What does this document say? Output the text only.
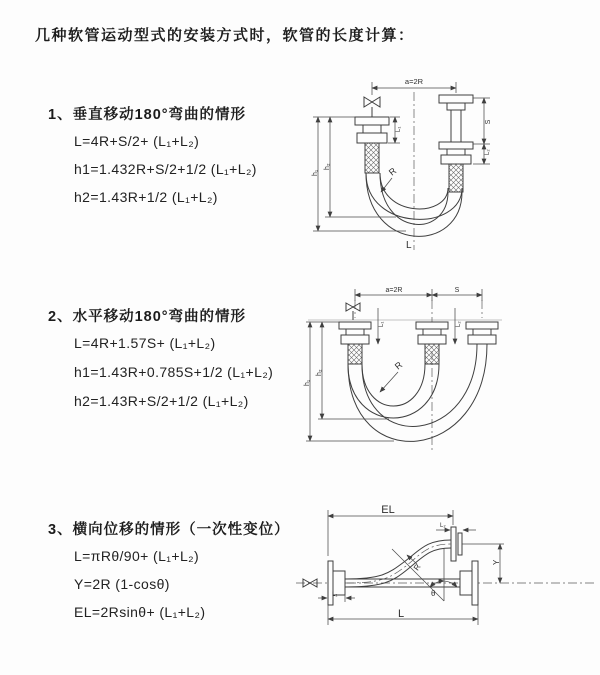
几种软管运动型式的安装方式时，软管的长度计算：
1、垂直移动180°弯曲的情形
L=4R+S/2+ (L₁+L₂)
h1=1.432R+S/2+1/2 (L₁+L₂)
h2=1.43R+1/2 (L₁+L₂)
2、水平移动180°弯曲的情形
L=4R+1.57S+ (L₁+L₂)
h1=1.43R+0.785S+1/2 (L₁+L₂)
h2=1.43R+S/2+1/2 (L₁+L₂)
3、横向位移的情形（一次性变位）
L=πRθ/90+ (L₁+L₂)
Y=2R (1-cosθ)
EL=2Rsinθ+ (L₁+L₂)
a=2R
S
L₂
L₁
h₁
h₂	R
L
a=2R	S
L₁	L₂
h₁
h₂
R
EL
L₂
Y
θ
R
L₁
L
